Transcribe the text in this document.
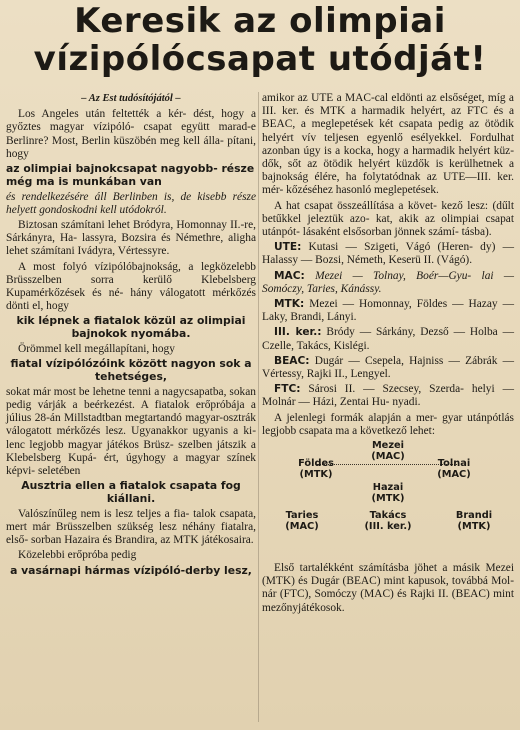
Keresik az olimpiai
vízipólócsapat utódját!
– Az Est tudósítójától –

Los Angeles után feltették a kér- dést, hogy a győztes magyar vízipóló- csapat együtt marad-e Berlinre? Most, Berlin küszöbén meg kell álla- pítani, hogy

az olimpiai bajnokcsapat nagyobb- része még ma is munkában van

és rendelkezésére áll Berlinben is, de kisebb része helyett gondoskodni kell utódokról.

Biztosan számítani lehet Bródyra, Homonnay II.-re, Sárkányra, Ha- lassyra, Bozsira és Némethre, aligha lehet számítani Ivádyra, Vértessyre.

A most folyó vízipólóbajnokság, a legközelebb Brüsszelben sorra kerülő Klebelsberg Kupamérkőzések és né- hány válogatott mérkőzés dönti el, hogy

kik lépnek a fiatalok közül az olimpiai bajnokok nyomába.

Örömmel kell megállapítani, hogy

fiatal vízipólózóink között nagyon sok a tehetséges,

sokat már most be lehetne tenni a nagycsapatba, sokan pedig várják a beérkezést. A fiatalok erőpróbája a július 28-án Millstadtban megtartandó magyar-osztrák válogatott mérkőzés lesz. Ugyanakkor ugyanis a ki- lenc legjobb magyar játékos Brüsz- szelben játszik a Klebelsberg Kupá- ért, úgyhogy a magyar színek képvi- seletében

Ausztria ellen a fiatalok csapata fog kiállani.

Valószínűleg nem is lesz teljes a fia- talok csapata, mert már Brüsszelben szükség lesz néhány fiatalra, első- sorban Hazaira és Brandira, az MTK játékosaira.

Közelebbi erőpróba pedig

a vasárnapi hármas vízipóló-derby lesz,

amikor az UTE a MAC-cal eldönti az elsőséget, míg a III. ker. és MTK a harmadik helyért, az FTC és a BEAC, a meglepetések két csapata pedig az ötödik helyért vív teljesen egyenlő esélyekkel. Fordulhat azonban úgy is a kocka, hogy a harmadik helyért küz- dők, sőt az ötödik helyért küzdők is kerülhetnek a bajnokság élére, ha folytatódnak az UTE—III. ker. mér- kőzéséhez hasonló meglepetések.

A hat csapat összeállítása a követ- kező lesz: (dűlt betűkkel jeleztük azo- kat, akik az olimpiai csapat utánpót- lásaként elsősorban jönnek számí- tásba).

UTE: Kutasi — Szigeti, Vágó (Heren- dy) — Halassy — Bozsi, Németh, Keserü II. (Vágó).

MAC: Mezei — Tolnay, Boér—Gyu- lai — Somóczy, Taries, Kánássy.

MTK: Mezei — Homonnay, Földes — Hazay — Laky, Brandi, Lányi.

III. ker.: Bródy — Sárkány, Dezső — Holba — Czelle, Takács, Kislégi.

BEAC: Dugár — Csepela, Hajniss — Zábrák — Vértessy, Rajki II., Lengyel.

FTC: Sárosi II. — Szecsey, Szerda- helyi — Molnár — Házi, Zentai Hu- nyadi.

A jelenlegi formák alapján a mer- gyar utánpótlás legjobb csapata ma a következő lehet:

Mezei
(MAC)
Földes
(MTK)
Tolnai
(MAC)
Hazai
(MTK)
Taries
(MAC)
Takács
(III. ker.)
Brandi
(MTK)

Első tartalékként számításba jöhet a másik Mezei (MTK) és Dugár (BEAC) mint kapusok, továbbá Mol- nár (FTC), Somóczy (MAC) és Rajki II. (BEAC) mint mezőnyjátékosok.
